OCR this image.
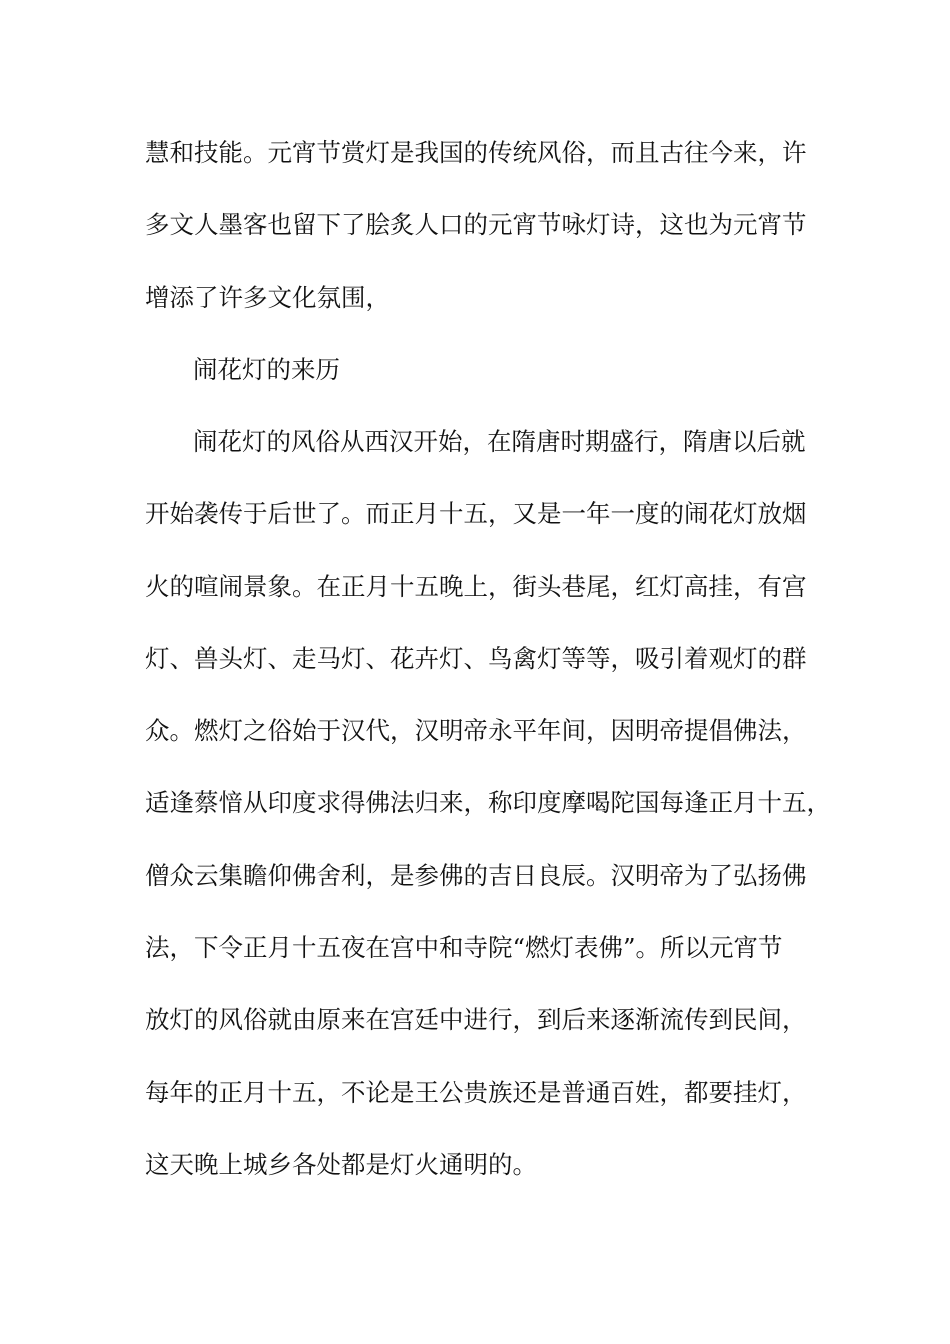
慧和技能。元宵节赏灯是我国的传统风俗，而且古往今来，许
多文人墨客也留下了脍炙人口的元宵节咏灯诗，这也为元宵节
增添了许多文化氛围，
闹花灯的来历
闹花灯的风俗从西汉开始，在隋唐时期盛行，隋唐以后就
开始袭传于后世了。而正月十五，又是一年一度的闹花灯放烟
火的喧闹景象。在正月十五晚上，街头巷尾，红灯高挂，有宫
灯、兽头灯、走马灯、花卉灯、鸟禽灯等等，吸引着观灯的群
众。燃灯之俗始于汉代，汉明帝永平年间，因明帝提倡佛法，
适逢蔡愔从印度求得佛法归来，称印度摩喝陀国每逢正月十五，
僧众云集瞻仰佛舍利，是参佛的吉日良辰。汉明帝为了弘扬佛
法，下令正月十五夜在宫中和寺院“燃灯表佛”。所以元宵节
放灯的风俗就由原来在宫廷中进行，到后来逐渐流传到民间，
每年的正月十五，不论是王公贵族还是普通百姓，都要挂灯，
这天晚上城乡各处都是灯火通明的。
